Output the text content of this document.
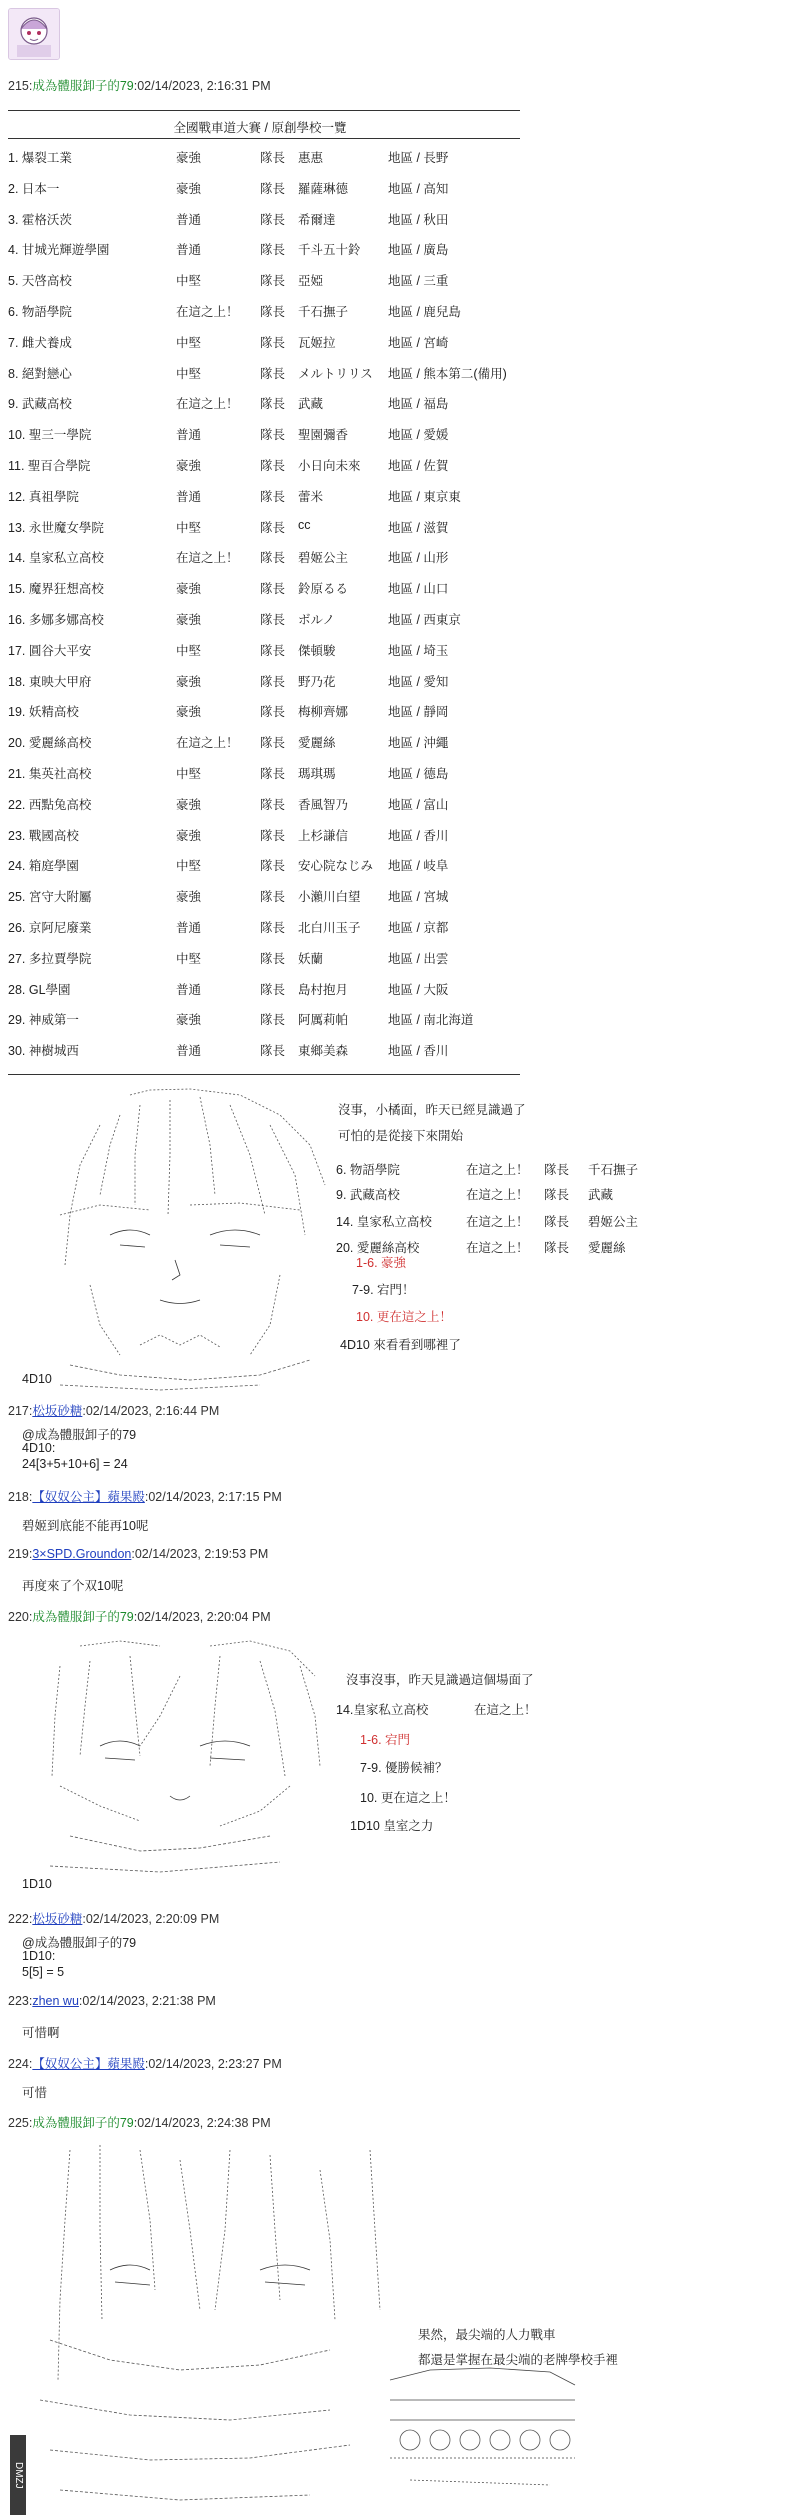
215:成為體服卸子的79:02/14/2023, 2:16:31 PM
全國戰車道大賽 / 原創學校一覽
1. 爆裂工業	豪強	隊長 惠惠	地區 / 長野
2. 日本一	豪強	隊長 羅薩琳德	地區 / 高知
3. 霍格沃茨	普通	隊長 希爾達	地區 / 秋田
4. 甘城光輝遊學園	普通	隊長 千斗五十鈴 地區 / 廣島
5. 天啓高校	中堅	隊長 亞婭	地區 / 三重
6. 物語學院	在這之上！ 隊長 千石撫子	地區 / 鹿兒島
7. 雌犬養成	中堅	隊長 瓦姬拉	地區 / 宮崎
8. 絕對戀心	中堅	隊長 メルトリリス 地區 / 熊本第二(備用)
9. 武藏高校	在這之上！ 隊長 武藏	地區 / 福島
10. 聖三一學院	普通	隊長 聖園彌香	地區 / 愛媛
11. 聖百合學院	豪強	隊長 小日向未來 地區 / 佐賀
12. 真祖學院	普通	隊長 蕾米	地區 / 東京東
13. 永世魔女學院	中堅	隊長 cc	地區 / 滋賀
14. 皇家私立高校	在這之上！ 隊長 碧姬公主	地區 / 山形
15. 魔界狂想高校	豪強	隊長 鈴原るる	地區 / 山口
16. 多娜多娜高校	豪強	隊長 ボルノ	地區 / 西東京
17. 圓谷大平安	中堅	隊長 傑頓駿	地區 / 埼玉
18. 東映大甲府	豪強	隊長 野乃花	地區 / 愛知
19. 妖精高校	豪強	隊長 梅柳齊娜	地區 / 靜岡
20. 愛麗絲高校	在這之上！ 隊長 愛麗絲	地區 / 沖繩
21. 集英社高校	中堅	隊長 瑪琪瑪	地區 / 德島
22. 西點兔高校	豪強	隊長 香風智乃	地區 / 富山
23. 戰國高校	豪強	隊長 上杉謙信	地區 / 香川
24. 箱庭學園	中堅	隊長 安心院なじみ 地區 / 岐阜
25. 宮守大附屬	豪強	隊長 小瀨川白望 地區 / 宮城
26. 京阿尼廢業	普通	隊長 北白川玉子 地區 / 京都
27. 多拉賈學院	中堅	隊長 妖蘭	地區 / 出雲
28. GL學園	普通	隊長 島村抱月	地區 / 大阪
29. 神威第一	豪強	隊長 阿厲莉帕	地區 / 南北海道
30. 神樹城西	普通	隊長 東鄉美森	地區 / 香川
沒事，小橘面，昨天已經見識過了
可怕的是從接下來開始
6. 物語學院	在這之上！ 隊長 千石撫子
9. 武藏高校	在這之上！ 隊長 武藏
14. 皇家私立高校	在這之上！ 隊長 碧姬公主
20. 愛麗絲高校	在這之上！ 隊長 愛麗絲
1-6. 豪強
7-9. 宕門！
10. 更在這之上！
4D10 來看看到哪裡了
4D10
217:松坂砂糖:02/14/2023, 2:16:44 PM
@成為體服卸子的79
4D10:
24[3+5+10+6] = 24
218:【奴奴公主】蘋果殿:02/14/2023, 2:17:15 PM
碧姬到底能不能再10呢
219:3×SPD.Groundon:02/14/2023, 2:19:53 PM
再度來了个双10呢
220:成為體服卸子的79:02/14/2023, 2:20:04 PM
沒事沒事，昨天見識過這個場面了
14.皇家私立高校	在這之上！
1-6. 宕門
7-9. 優勝候補？
10. 更在這之上！
1D10 皇室之力
1D10
222:松坂砂糖:02/14/2023, 2:20:09 PM
@成為體服卸子的79
1D10:
5[5] = 5
223:zhen wu:02/14/2023, 2:21:38 PM
可惜啊
224:【奴奴公主】蘋果殿:02/14/2023, 2:23:27 PM
可惜
225:成為體服卸子的79:02/14/2023, 2:24:38 PM
果然，最尖端的人力戰車
都還是掌握在最尖端的老牌學校手裡
DMZJ
